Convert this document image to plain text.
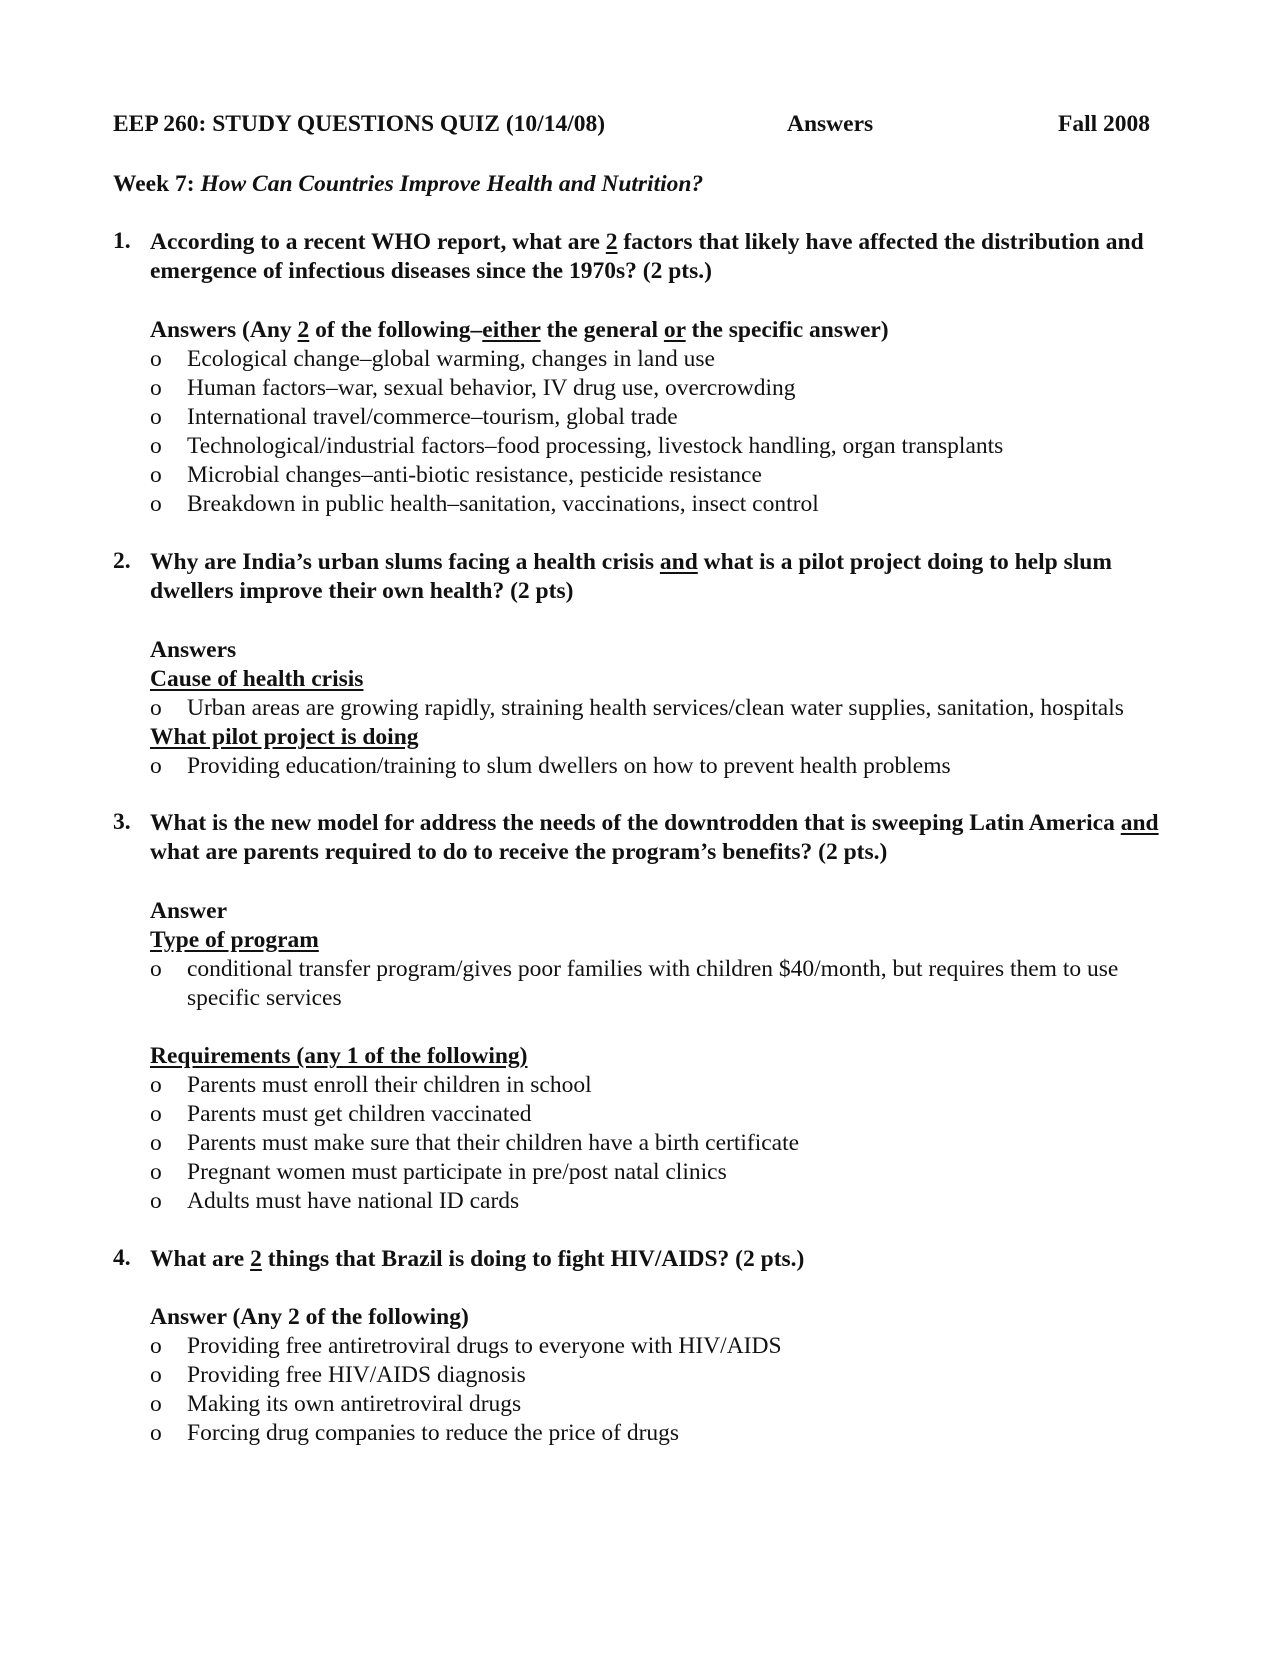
EEP 260: STUDY QUESTIONS QUIZ (10/14/08)	Answers	Fall 2008
Week 7: How Can Countries Improve Health and Nutrition?
1. According to a recent WHO report, what are 2 factors that likely have affected the distribution and emergence of infectious diseases since the 1970s? (2 pts.)
Answers (Any 2 of the following–either the general or the specific answer)
o Ecological change–global warming, changes in land use
o Human factors–war, sexual behavior, IV drug use, overcrowding
o International travel/commerce–tourism, global trade
o Technological/industrial factors–food processing, livestock handling, organ transplants
o Microbial changes–anti-biotic resistance, pesticide resistance
o Breakdown in public health–sanitation, vaccinations, insect control
2. Why are India’s urban slums facing a health crisis and what is a pilot project doing to help slum dwellers improve their own health? (2 pts)
Answers
Cause of health crisis
o Urban areas are growing rapidly, straining health services/clean water supplies, sanitation, hospitals
What pilot project is doing
o Providing education/training to slum dwellers on how to prevent health problems
3. What is the new model for address the needs of the downtrodden that is sweeping Latin America and what are parents required to do to receive the program’s benefits? (2 pts.)
Answer
Type of program
o conditional transfer program/gives poor families with children $40/month, but requires them to use specific services
Requirements (any 1 of the following)
o Parents must enroll their children in school
o Parents must get children vaccinated
o Parents must make sure that their children have a birth certificate
o Pregnant women must participate in pre/post natal clinics
o Adults must have national ID cards
4. What are 2 things that Brazil is doing to fight HIV/AIDS? (2 pts.)
Answer (Any 2 of the following)
o Providing free antiretroviral drugs to everyone with HIV/AIDS
o Providing free HIV/AIDS diagnosis
o Making its own antiretroviral drugs
o Forcing drug companies to reduce the price of drugs
